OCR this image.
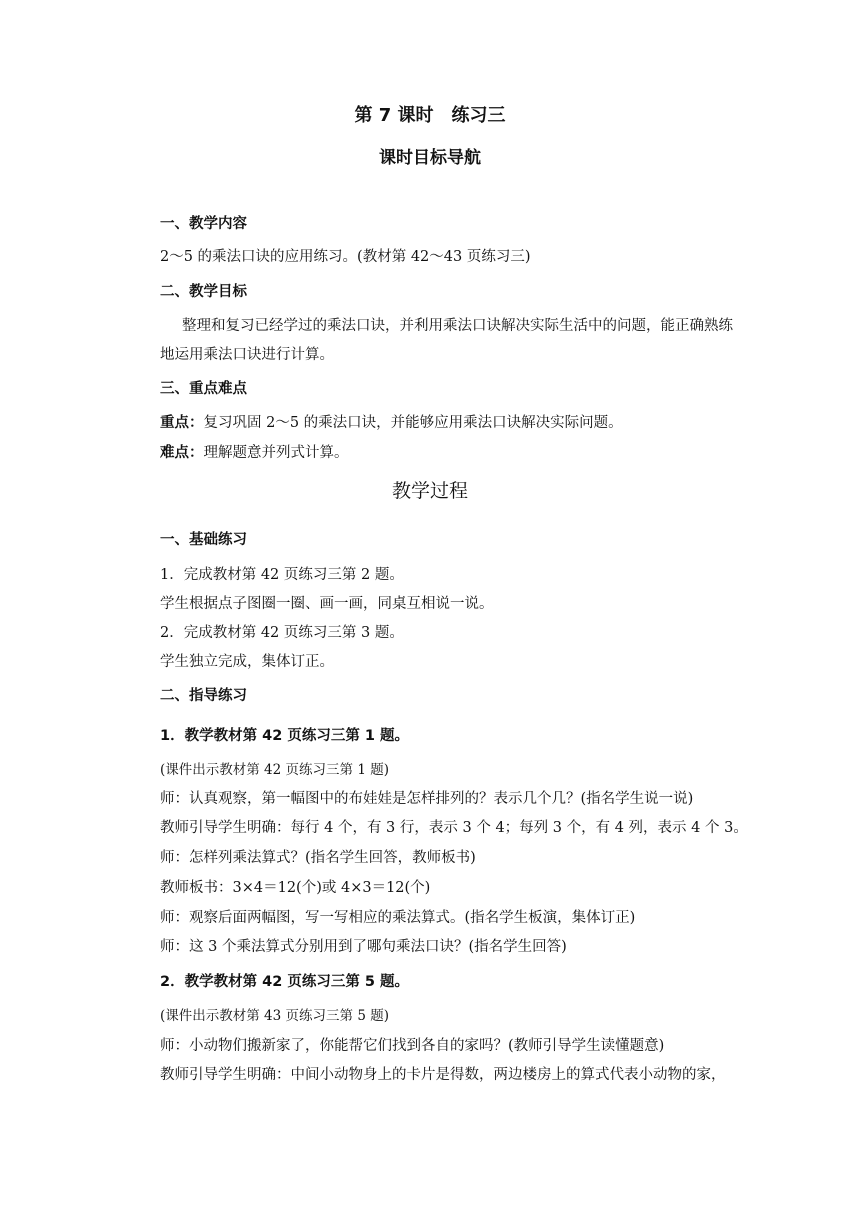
第 7 课时　练习三
课时目标导航
一、教学内容
2～5 的乘法口诀的应用练习。(教材第 42～43 页练习三)
二、教学目标
整理和复习已经学过的乘法口诀，并利用乘法口诀解决实际生活中的问题，能正确熟练
地运用乘法口诀进行计算。
三、重点难点
重点：复习巩固 2～5 的乘法口诀，并能够应用乘法口诀解决实际问题。
难点：理解题意并列式计算。
教学过程
一、基础练习
1．完成教材第 42 页练习三第 2 题。
学生根据点子图圈一圈、画一画，同桌互相说一说。
2．完成教材第 42 页练习三第 3 题。
学生独立完成，集体订正。
二、指导练习
1．教学教材第 42 页练习三第 1 题。
(课件出示教材第 42 页练习三第 1 题)
师：认真观察，第一幅图中的布娃娃是怎样排列的？表示几个几？(指名学生说一说)
教师引导学生明确：每行 4 个，有 3 行，表示 3 个 4；每列 3 个，有 4 列，表示 4 个 3。
师：怎样列乘法算式？(指名学生回答，教师板书)
教师板书：3×4＝12(个)或 4×3＝12(个)
师：观察后面两幅图，写一写相应的乘法算式。(指名学生板演，集体订正)
师：这 3 个乘法算式分别用到了哪句乘法口诀？(指名学生回答)
2．教学教材第 42 页练习三第 5 题。
(课件出示教材第 43 页练习三第 5 题)
师：小动物们搬新家了，你能帮它们找到各自的家吗？(教师引导学生读懂题意)
教师引导学生明确：中间小动物身上的卡片是得数，两边楼房上的算式代表小动物的家，
